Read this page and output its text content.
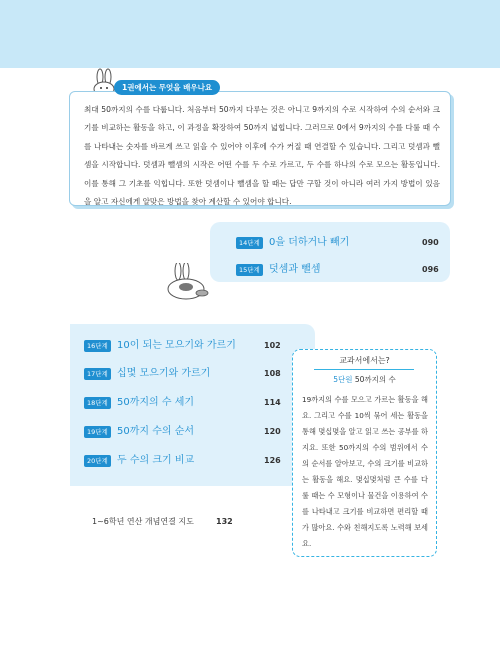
1권에서는 무엇을 배우나요

최대 50까지의 수를 다룹니다. 처음부터 50까지 다루는 것은 아니고 9까지의 수로 시작하여 수의 순서와 크기를 비교하는 활동을 하고, 이 과정을 확장하여 50까지 넓힙니다. 그러므로 0에서 9까지의 수를 다룰 때 수를 나타내는 숫자를 바르게 쓰고 읽을 수 있어야 이후에 수가 커질 때 연결할 수 있습니다. 그리고 덧셈과 뺄셈을 시작합니다. 덧셈과 뺄셈의 시작은 어떤 수를 두 수로 가르고, 두 수를 하나의 수로 모으는 활동입니다. 이를 통해 그 기초를 익힙니다. 또한 덧셈이나 뺄셈을 할 때는 답만 구할 것이 아니라 여러 가지 방법이 있음을 알고 자신에게 알맞은 방법을 찾아 계산할 수 있어야 합니다.

14단계 0을 더하거나 빼기	090
15단계 덧셈과 뺄셈	096
16단계 10이 되는 모으기와 가르기	102
17단계 십몇 모으기와 가르기	108
18단계 50까지의 수 세기	114
19단계 50까지 수의 순서	120
20단계 두 수의 크기 비교	126
1~6학년 연산 개념연결 지도	132
교과서에서는?
5단원 50까지의 수

19까지의 수를 모으고 가르는 활동을 해요. 그리고 수를 10씩 묶어 세는 활동을 통해 몇십몇을 알고 읽고 쓰는 공부를 하지요. 또한 50까지의 수의 범위에서 수의 순서를 알아보고, 수의 크기를 비교하는 활동을 해요. 몇십몇처럼 큰 수를 다룰 때는 수 모형이나 물건을 이용하여 수를 나타내고 크기를 비교하면 편리할 때가 많아요. 수와 친해지도록 노력해 보세요.
